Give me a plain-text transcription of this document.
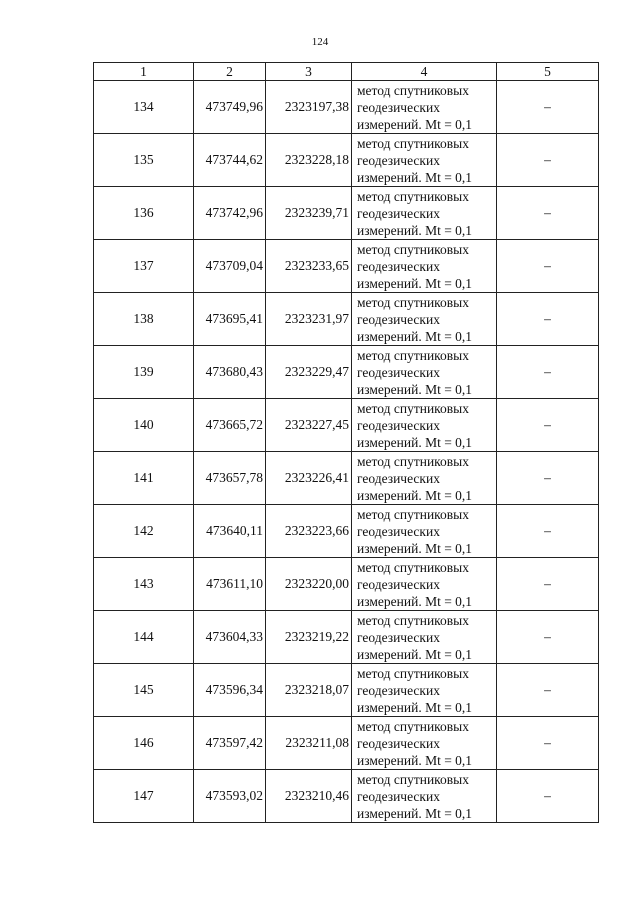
124
1	2	3	4	5
134	473749,96	2323197,38	метод спутниковых
геодезических
измерений. Mt = 0,1	–
135	473744,62	2323228,18	метод спутниковых
геодезических
измерений. Mt = 0,1	–
136	473742,96	2323239,71	метод спутниковых
геодезических
измерений. Mt = 0,1	–
137	473709,04	2323233,65	метод спутниковых
геодезических
измерений. Mt = 0,1	–
138	473695,41	2323231,97	метод спутниковых
геодезических
измерений. Mt = 0,1	–
139	473680,43	2323229,47	метод спутниковых
геодезических
измерений. Mt = 0,1	–
140	473665,72	2323227,45	метод спутниковых
геодезических
измерений. Mt = 0,1	–
141	473657,78	2323226,41	метод спутниковых
геодезических
измерений. Mt = 0,1	–
142	473640,11	2323223,66	метод спутниковых
геодезических
измерений. Mt = 0,1	–
143	473611,10	2323220,00	метод спутниковых
геодезических
измерений. Mt = 0,1	–
144	473604,33	2323219,22	метод спутниковых
геодезических
измерений. Mt = 0,1	–
145	473596,34	2323218,07	метод спутниковых
геодезических
измерений. Mt = 0,1	–
146	473597,42	2323211,08	метод спутниковых
геодезических
измерений. Mt = 0,1	–
147	473593,02	2323210,46	метод спутниковых
геодезических
измерений. Mt = 0,1	–
